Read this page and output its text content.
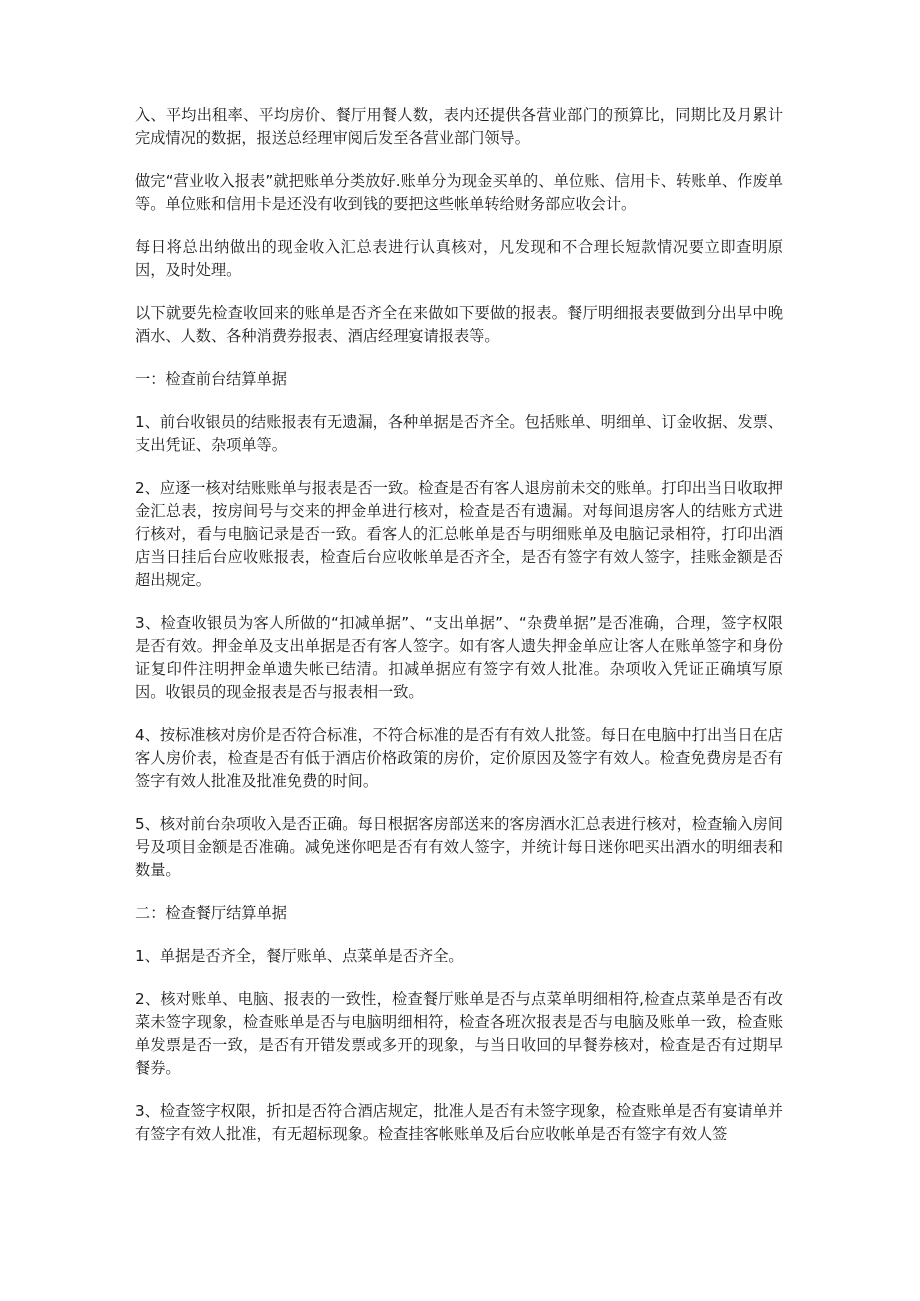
入、平均出租率、平均房价、餐厅用餐人数，表内还提供各营业部门的预算比，同期比及月累计完成情况的数据，报送总经理审阅后发至各营业部门领导。

做完“营业收入报表”就把账单分类放好.账单分为现金买单的、单位账、信用卡、转账单、作废单等。单位账和信用卡是还没有收到钱的要把这些帐单转给财务部应收会计。

每日将总出纳做出的现金收入汇总表进行认真核对，凡发现和不合理长短款情况要立即查明原因，及时处理。

以下就要先检查收回来的账单是否齐全在来做如下要做的报表。餐厅明细报表要做到分出早中晚酒水、人数、各种消费券报表、酒店经理宴请报表等。

一：检查前台结算单据

1、前台收银员的结账报表有无遗漏，各种单据是否齐全。包括账单、明细单、订金收据、发票、支出凭证、杂项单等。

2、应逐一核对结账账单与报表是否一致。检查是否有客人退房前未交的账单。打印出当日收取押金汇总表，按房间号与交来的押金单进行核对，检查是否有遗漏。对每间退房客人的结账方式进行核对，看与电脑记录是否一致。看客人的汇总帐单是否与明细账单及电脑记录相符，打印出酒店当日挂后台应收账报表，检查后台应收帐单是否齐全，是否有签字有效人签字，挂账金额是否超出规定。

3、检查收银员为客人所做的“扣减单据”、“支出单据”、“杂费单据”是否准确，合理，签字权限是否有效。押金单及支出单据是否有客人签字。如有客人遗失押金单应让客人在账单签字和身份证复印件注明押金单遗失帐已结清。扣减单据应有签字有效人批准。杂项收入凭证正确填写原因。收银员的现金报表是否与报表相一致。

4、按标准核对房价是否符合标准，不符合标准的是否有有效人批签。每日在电脑中打出当日在店客人房价表，检查是否有低于酒店价格政策的房价，定价原因及签字有效人。检查免费房是否有签字有效人批准及批准免费的时间。

5、核对前台杂项收入是否正确。每日根据客房部送来的客房酒水汇总表进行核对，检查输入房间号及项目金额是否准确。减免迷你吧是否有有效人签字，并统计每日迷你吧买出酒水的明细表和数量。

二：检查餐厅结算单据

1、单据是否齐全，餐厅账单、点菜单是否齐全。

2、核对账单、电脑、报表的一致性，检查餐厅账单是否与点菜单明细相符,检查点菜单是否有改菜未签字现象，检查账单是否与电脑明细相符，检查各班次报表是否与电脑及账单一致，检查账单发票是否一致，是否有开错发票或多开的现象，与当日收回的早餐券核对，检查是否有过期早餐券。

3、检查签字权限，折扣是否符合酒店规定，批准人是否有未签字现象，检查账单是否有宴请单并有签字有效人批准，有无超标现象。检查挂客帐账单及后台应收帐单是否有签字有效人签
